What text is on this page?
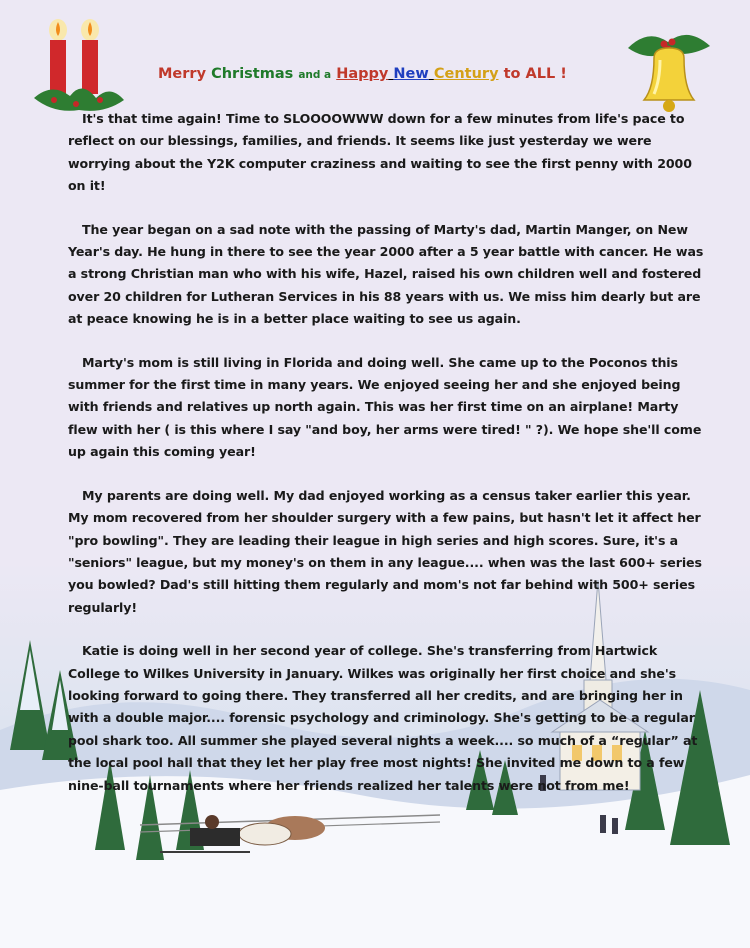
Merry Christmas and a Happy New Century to ALL !

It's that time again! Time to SLOOOOWWW down for a few minutes from life's pace to reflect on our blessings, families, and friends. It seems like just yesterday we were worrying about the Y2K computer craziness and waiting to see the first penny with 2000 on it!

The year began on a sad note with the passing of Marty's dad, Martin Manger, on New Year's day. He hung in there to see the year 2000 after a 5 year battle with cancer. He was a strong Christian man who with his wife, Hazel, raised his own children well and fostered over 20 children for Lutheran Services in his 88 years with us. We miss him dearly but are at peace knowing he is in a better place waiting to see us again.

Marty's mom is still living in Florida and doing well. She came up to the Poconos this summer for the first time in many years. We enjoyed seeing her and she enjoyed being with friends and relatives up north again. This was her first time on an airplane! Marty flew with her ( is this where I say "and boy, her arms were tired! " ?). We hope she'll come up again this coming year!

My parents are doing well. My dad enjoyed working as a census taker earlier this year. My mom recovered from her shoulder surgery with a few pains, but hasn't let it affect her "pro bowling". They are leading their league in high series and high scores. Sure, it's a "seniors" league, but my money's on them in any league.... when was the last 600+ series you bowled? Dad's still hitting them regularly and mom's not far behind with 500+ series regularly!

Katie is doing well in her second year of college. She's transferring from Hartwick College to Wilkes University in January. Wilkes was originally her first choice and she's looking forward to going there. They transferred all her credits, and are bringing her in with a double major.... forensic psychology and criminology. She's getting to be a regular pool shark too. All summer she played several nights a week.... so much of a “regular” at the local pool hall that they let her play free most nights! She invited me down to a few nine-ball tournaments where her friends realized her talents were not from me!
